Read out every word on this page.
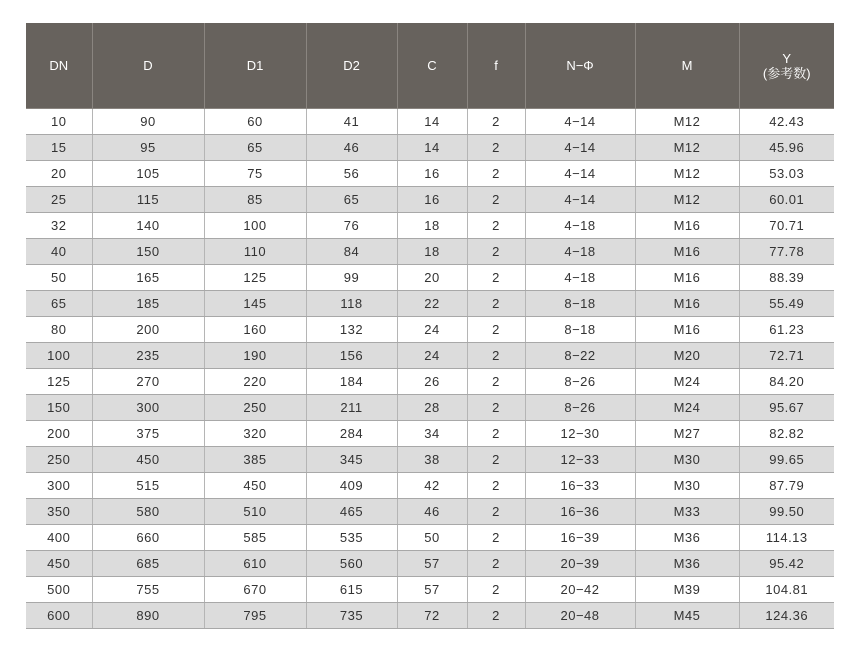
DN	D	D1	D2	C	f	N−Φ	M	Y
(参考数)

10	90	60	41	14	2	4−14	M12	42.43
15	95	65	46	14	2	4−14	M12	45.96
20	105	75	56	16	2	4−14	M12	53.03
25	115	85	65	16	2	4−14	M12	60.01
32	140	100	76	18	2	4−18	M16	70.71
40	150	110	84	18	2	4−18	M16	77.78
50	165	125	99	20	2	4−18	M16	88.39
65	185	145	118	22	2	8−18	M16	55.49
80	200	160	132	24	2	8−18	M16	61.23
100	235	190	156	24	2	8−22	M20	72.71
125	270	220	184	26	2	8−26	M24	84.20
150	300	250	211	28	2	8−26	M24	95.67
200	375	320	284	34	2	12−30	M27	82.82
250	450	385	345	38	2	12−33	M30	99.65
300	515	450	409	42	2	16−33	M30	87.79
350	580	510	465	46	2	16−36	M33	99.50
400	660	585	535	50	2	16−39	M36	114.13
450	685	610	560	57	2	20−39	M36	95.42
500	755	670	615	57	2	20−42	M39	104.81
600	890	795	735	72	2	20−48	M45	124.36
